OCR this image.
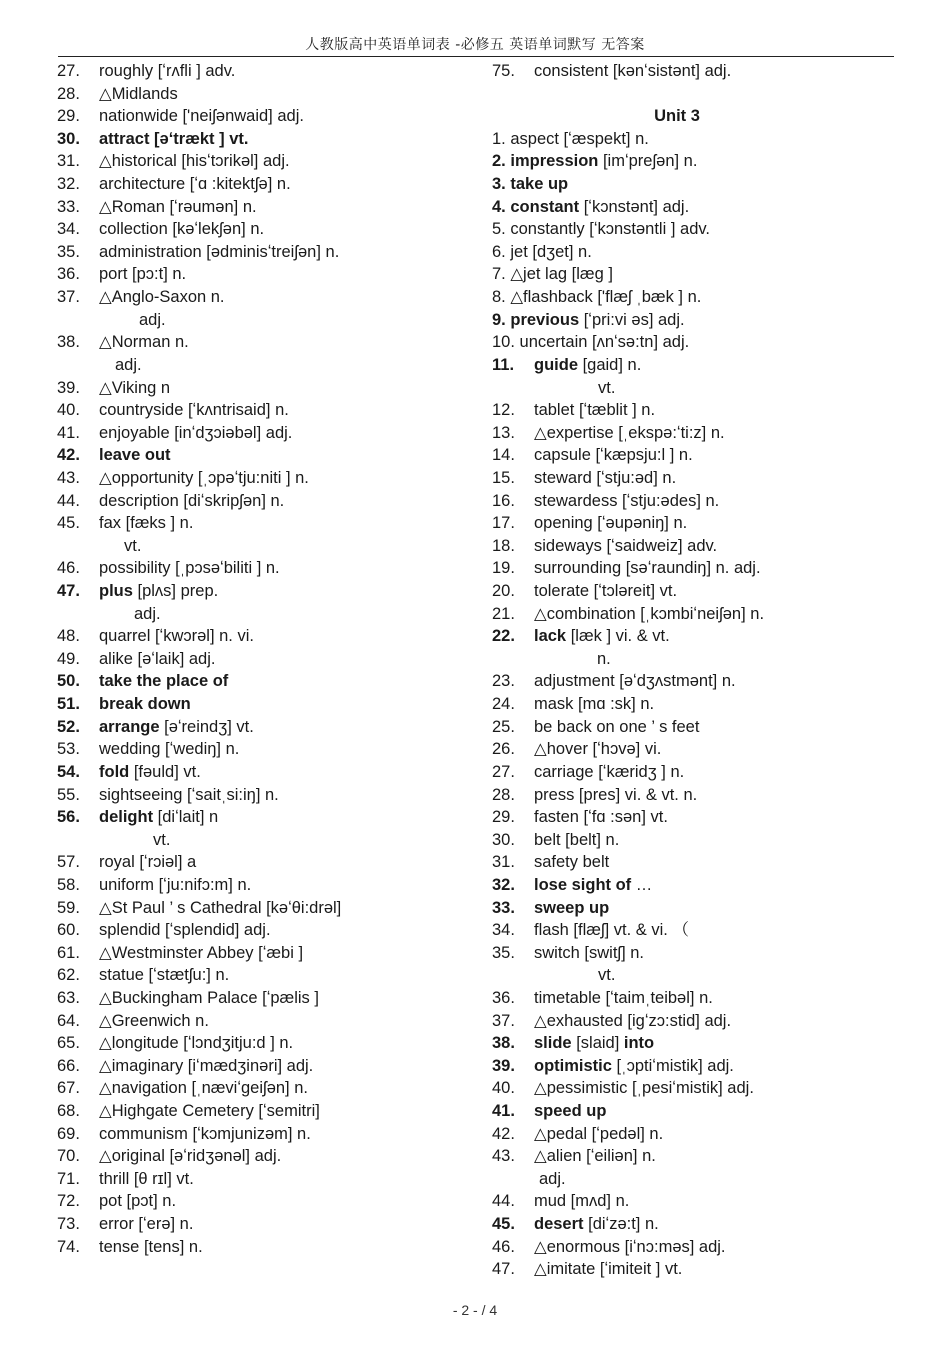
人教版高中英语单词表 -必修五 英语单词默写 无答案
27.	roughly [ʻrʌfli ] adv.
28.	△Midlands
29.	nationwide ['neiʃənwaid] adj.
30.	attract [əʻtrækt ] vt.
31.	△historical [hisʻtɔrikəl] adj.
32.	architecture [ʻɑ :kitektʃə] n.
33.	△Roman [ʻrəumən] n.
34.	collection [kəʻlekʃən] n.
35.	administration [ədminisʻtreiʃən] n.
36.	port [pɔ:t] n.
37.	△Anglo-Saxon n.
adj.
38.	△Norman n.
adj.
39.	△Viking n
40.	countryside [ʻkʌntrisaid] n.
41.	enjoyable [inʻdʒɔiəbəl] adj.
42.	leave out
43.	△opportunity [ˌɔpəʻtju:niti ] n.
44.	description [diʻskripʃən] n.
45.	fax [fæks ] n.
vt.
46.	possibility [ˌpɔsəʻbiliti ] n.
47.	plus [plʌs] prep.
adj.
48.	quarrel [ʻkwɔrəl] n. vi.
49.	alike [əʻlaik] adj.
50.	take the place of
51.	break down
52.	arrange [əʻreindʒ] vt.
53.	wedding [ʻwediŋ] n.
54.	fold [fəuld] vt.
55.	sightseeing [ʻsaitˌsi:iŋ] n.
56.	delight [diʻlait] n
vt.
57.	royal [ʻrɔiəl] a
58.	uniform [ʻju:nifɔ:m] n.
59.	△St Paul ’ s Cathedral [kəʻθi:drəl]
60.	splendid [ʻsplendid] adj.
61.	△Westminster Abbey [ʻæbi ]
62.	statue [ʻstætʃu:] n.
63.	△Buckingham Palace [ʻpælis ]
64.	△Greenwich n.
65.	△longitude [ʻlɔndʒitju:d ] n.
66.	△imaginary [iʻmædʒinəri] adj.
67.	△navigation [ˌnæviʻgeiʃən] n.
68.	△Highgate Cemetery [ʻsemitri]
69.	communism [ʻkɔmjunizəm] n.
70.	△original [əʻridʒənəl] adj.
71.	thrill [θ rɪl] vt.
72.	pot [pɔt] n.
73.	error [ʻerə] n.
74.	tense [tens] n.
75.	consistent [kənʻsistənt] adj.
Unit 3
1. aspect [ʻæspekt] n.
2. impression [imʻpreʃən] n.
3. take up
4. constant [ʻkɔnstənt] adj.
5. constantly [ʻkɔnstəntli ] adv.
6. jet [dʒet] n.
7. △jet lag [læg ]
8. △flashback ['flæʃ ˌbæk ] n.
9. previous [ʻpri:vi əs] adj.
10. uncertain [ʌnʻsə:tn] adj.
11.	guide [gaid] n.
vt.
12.	tablet [ʻtæblit ] n.
13.	△expertise [ˌekspə:ʻti:z] n.
14.	capsule [ʻkæpsju:l ] n.
15.	steward [ʻstju:əd] n.
16.	stewardess [ʻstju:ədes] n.
17.	opening [ʻəupəniŋ] n.
18.	sideways [ʻsaidweiz] adv.
19.	surrounding [səʻraundiŋ] n. adj.
20.	tolerate [ʻtɔləreit] vt.
21.	△combination [ˌkɔmbiʻneiʃən] n.
22.	lack [læk ] vi. & vt.
n.
23.	adjustment [əʻdʒʌstmənt] n.
24.	mask [mɑ :sk] n.
25.	be back on one ’ s feet
26.	△hover [ʻhɔvə] vi.
27.	carriage [ʻkæridʒ ] n.
28.	press [pres] vi. & vt. n.
29.	fasten [ʻfɑ :sən] vt.
30.	belt [belt] n.
31.	safety belt
32.	lose sight of …
33.	sweep up
34.	flash [flæʃ] vt. & vi. （
35.	switch [switʃ] n.
vt.
36.	timetable [ʻtaimˌteibəl] n.
37.	△exhausted [igʻzɔ:stid] adj.
38.	slide [slaid] into
39.	optimistic [ˌɔptiʻmistik] adj.
40.	△pessimistic [ˌpesiʻmistik] adj.
41.	speed up
42.	△pedal [ʻpedəl] n.
43.	△alien [ʻeiliən] n.
adj.
44.	mud [mʌd] n.
45.	desert [diʻzə:t] n.
46.	△enormous [iʻnɔ:məs] adj.
47.	△imitate [ʻimiteit ] vt.
- 2 - / 4
